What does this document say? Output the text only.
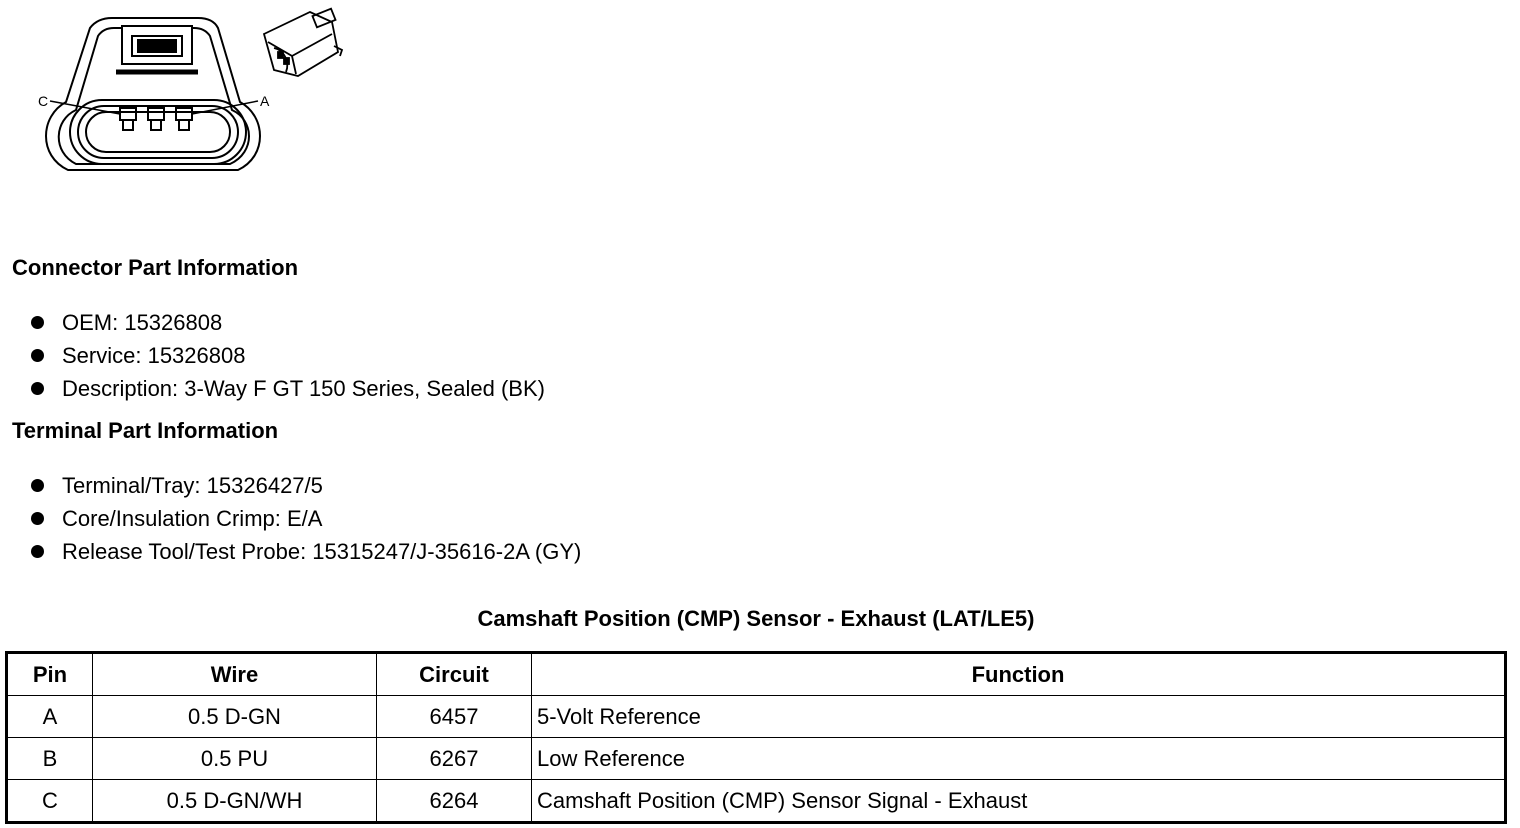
C	A
Connector Part Information
OEM: 15326808
Service: 15326808
Description: 3-Way F GT 150 Series, Sealed (BK)
Terminal Part Information
Terminal/Tray: 15326427/5
Core/Insulation Crimp: E/A
Release Tool/Test Probe: 15315247/J-35616-2A (GY)
Camshaft Position (CMP) Sensor - Exhaust (LAT/LE5)
Pin	Wire	Circuit	Function
A	0.5 D-GN	6457	5-Volt Reference
B	0.5 PU	6267	Low Reference
C	0.5 D-GN/WH	6264	Camshaft Position (CMP) Sensor Signal - Exhaust
